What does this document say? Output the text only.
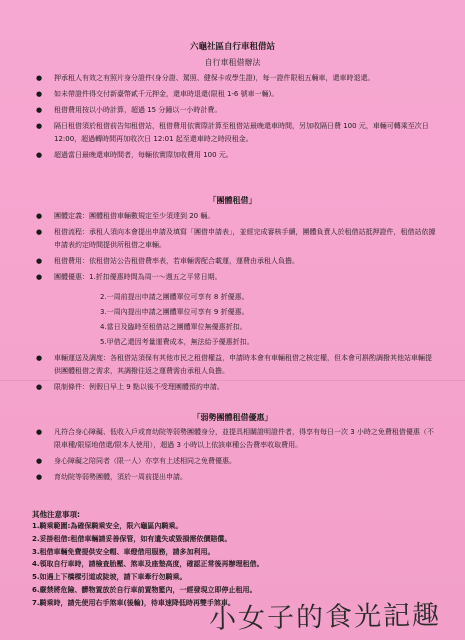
六龜社區自行車租借站
自行車租借辦法
● 押承租人有效之有照片身分證件(身分證、駕照、健保卡或學生證)，每一證件限租五輛車，還車時退還。
● 如未帶證件得交付新臺幣貳千元押金，還車時退還(限租 1-6 號車一輛)。
● 租借費用按以小時計算，超過 15 分鐘以一小時計費。
● 隔日租借須於租借前告知租借站，租借費用依實際計算至租借站最晚還車時間，另加收隔日費 100 元，車輛可轉乘至次日 12:00，超過轉時間再加收次日 12:01 起至還車時之時段租金。
● 超過當日最晚還車時間者，每輛依實際加收費用 100 元。
「團體租借」
● 團體定義：團體租借車輛數規定至少須達到 20 輛。
● 租借流程：承租人須向本會提出申請及填寫「團借申請表」，並經完成審核手續，團體負責人於租借站抵押證件，租借站依據申請表約定時間提供所租借之車輛。
● 租借費用：依租借站公告租借費率表，若車輛需配合載運，運費由承租人負擔。
● 團體優惠：1.折扣優惠時間為周一～週五之平常日期。
2.一周前提出申請之團體單位可享有 8 折優惠。
3.一周內提出申請之團體單位可享有 9 折優惠。
4.當日及臨時至租借站之團體單位無優惠折扣。
5.甲借乙還因考量運費成本，無法給予優惠折扣。
● 車輛運送及調度：各租借站須保有其他市民之租借權益，申請時本會有車輛租借之核定權，但本會可斟酌調撥其他站車輛提供團體租借之需求，其調撥往返之運費需由承租人負擔。
● 限制條件：例假日早上 9 點以後不受理團體預約申請。
「弱勢團體租借優惠」
● 凡符合身心障礙、低收入戶或育幼院等弱勢團體身分，並提具相關證明證件者，得享有每日一次 3 小時之免費租借優惠（不限車種/限原地借還/限本人使用），超過 3 小時以上依該車種公告費率收取費用。
● 身心障礙之陪同者（限一人）亦享有上述相同之免費優惠。
● 育幼院等弱勢團體，須於一周前提出申請。
其他注意事項:
1.騎乘範圍:為確保騎乘安全，限六龜區內騎乘。
2.妥掛租借:租借車輛請妥善保管，如有遺失或毀損需依價賠償。
3.租借車輛免費提供安全帽、車燈借用服務，請多加利用。
4.領取自行車時，請檢查胎壓、煞車及座墊高度，確認正常後再辦理租借。
5.如遇上下橋樑引道或陡坡，請下車牽行勿騎乘。
6.嚴禁將危險、髒物置放於自行車前置物籃內，一經發現立即停止租用。
7.騎乘時，請先使用右手煞車(後輪)，待車速降低時再雙手煞車。
小女子的食光記趣
